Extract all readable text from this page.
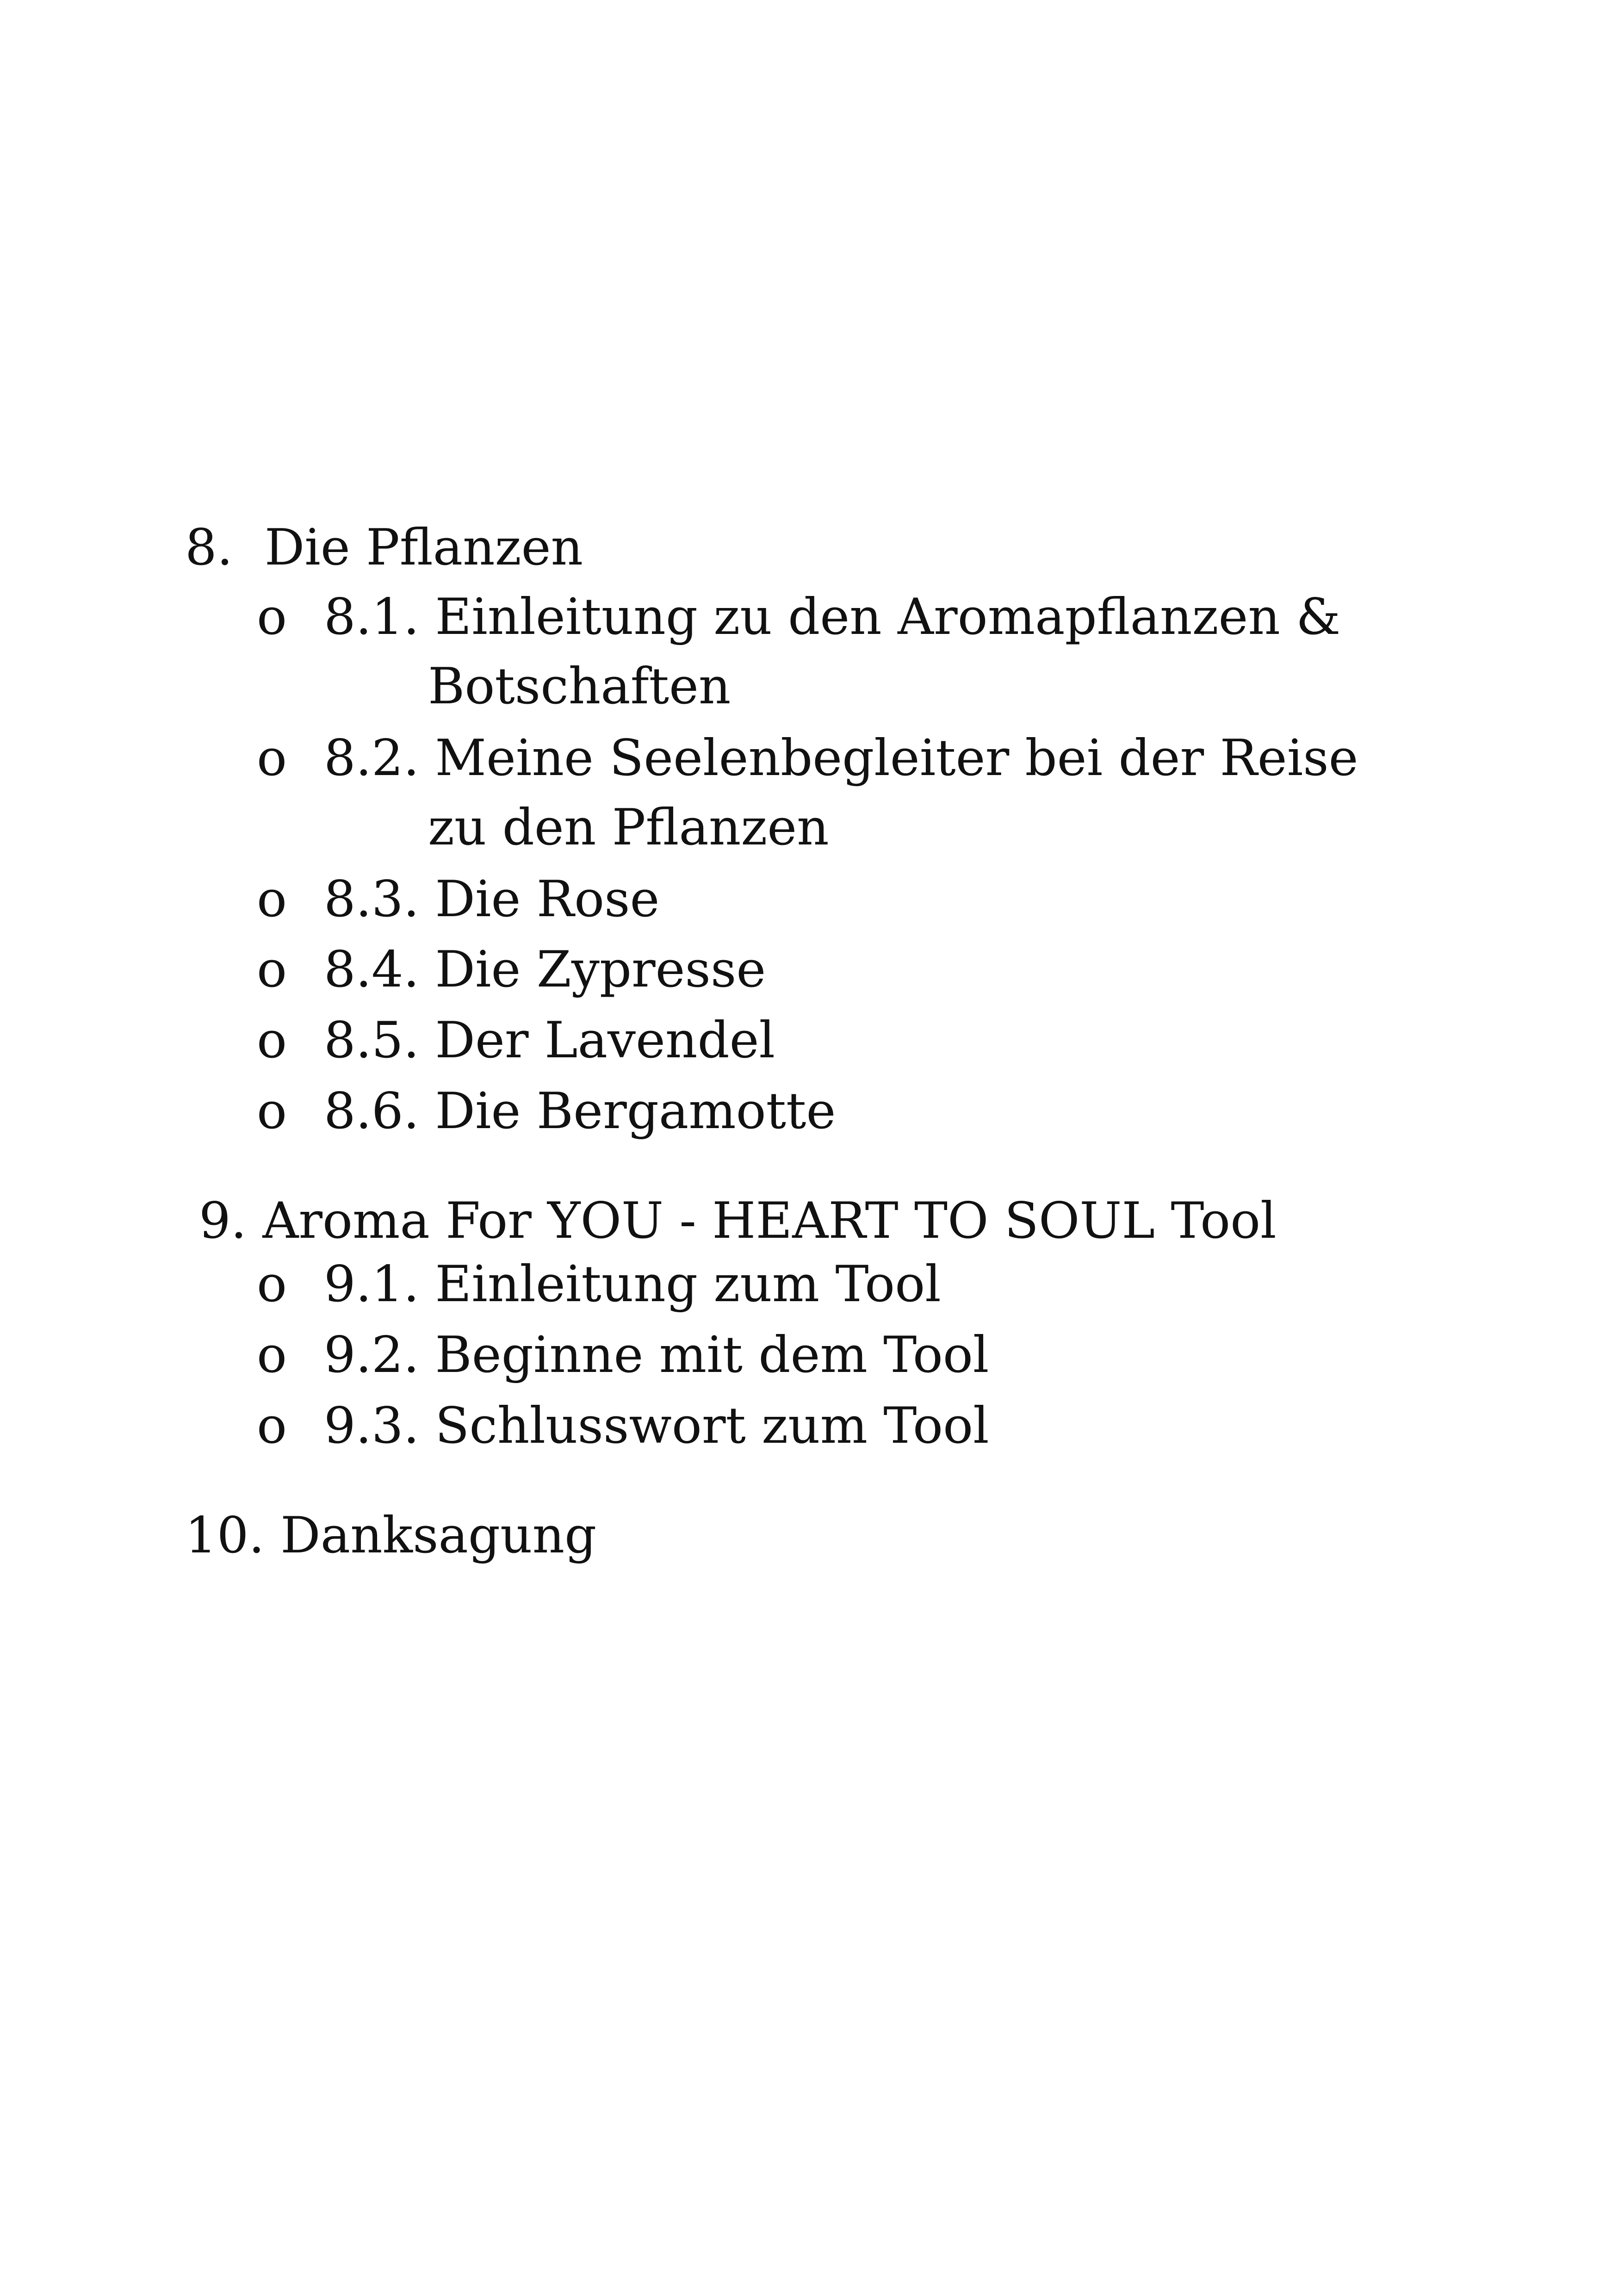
8. Die Pflanzen
o 8.1. Einleitung zu den Aromapflanzen &
Botschaften
o 8.2. Meine Seelenbegleiter bei der Reise
zu den Pflanzen
o 8.3. Die Rose
o 8.4. Die Zypresse
o 8.5. Der Lavendel
o 8.6. Die Bergamotte
9. Aroma For YOU - HEART TO SOUL Tool
o 9.1. Einleitung zum Tool
o 9.2. Beginne mit dem Tool
o 9.3. Schlusswort zum Tool
10. Danksagung
